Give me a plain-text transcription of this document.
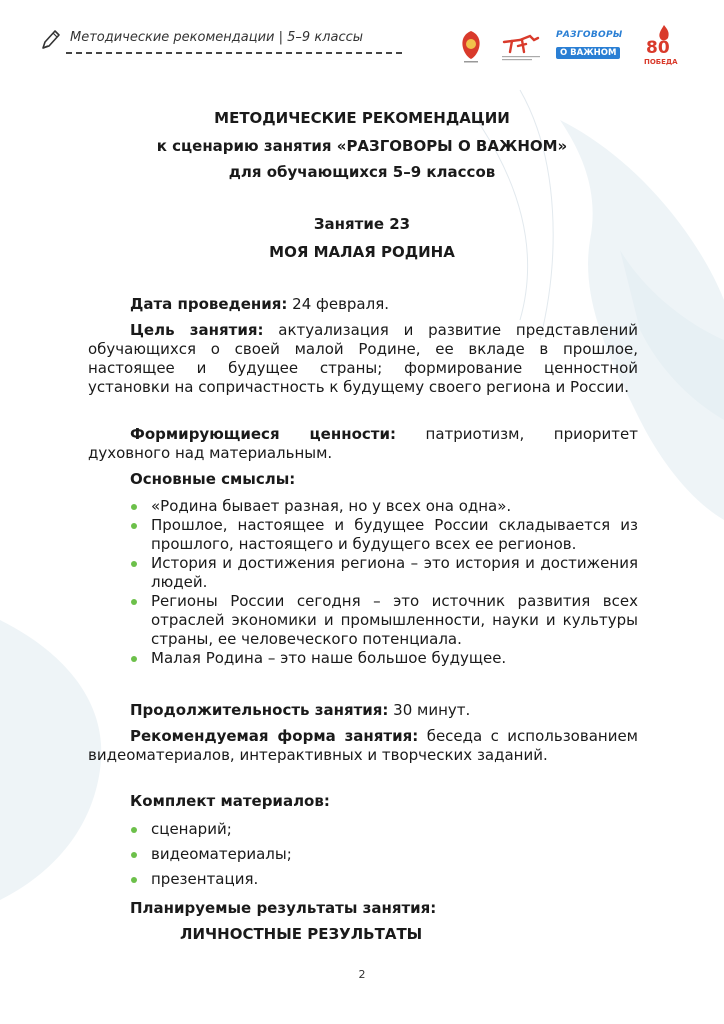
Методические рекомендации | 5–9 классы	РАЗГОВОРЫ
О ВАЖНОМ	80
ПОБЕДА
МЕТОДИЧЕСКИЕ РЕКОМЕНДАЦИИ
к сценарию занятия «РАЗГОВОРЫ О ВАЖНОМ»
для обучающихся 5–9 классов
Занятие 23
МОЯ МАЛАЯ РОДИНА
Дата проведения: 24 февраля.
Цель занятия: актуализация и развитие представлений обучающихся о своей малой Родине, ее вкладе в прошлое, настоящее и будущее страны; формирование ценностной установки на сопричастность к будущему своего региона и России.
Формирующиеся ценности: патриотизм, приоритет духовного над материальным.
Основные смыслы:
«Родина бывает разная, но у всех она одна».
Прошлое, настоящее и будущее России складывается из прошлого, настоящего и будущего всех ее регионов.
История и достижения региона – это история и достижения людей.
Регионы России сегодня – это источник развития всех отраслей экономики и промышленности, науки и культуры страны, ее человеческого потенциала.
Малая Родина – это наше большое будущее.
Продолжительность занятия: 30 минут.
Рекомендуемая форма занятия: беседа с использованием видеоматериалов, интерактивных и творческих заданий.
Комплект материалов:
сценарий;
видеоматериалы;
презентация.
Планируемые результаты занятия:
ЛИЧНОСТНЫЕ РЕЗУЛЬТАТЫ
2
